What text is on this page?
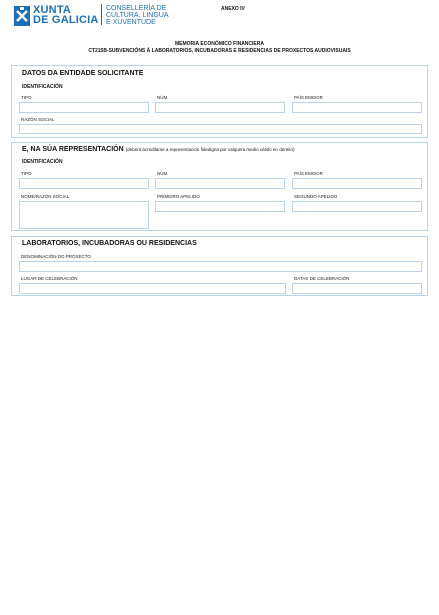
XUNTA
DE GALICIA
CONSELLERÍA DE
CULTURA, LINGUA
E XUVENTUDE
ANEXO IV
MEMORIA ECONÓMICO FINANCIERA
CT215B-SUBVENCIÓNS Á LABORATORIOS, INCUBADORAS E RESIDENCIAS DE PROXECTOS AUDIOVISUAIS
DATOS DA ENTIDADE SOLICITANTE
IDENTIFICACIÓN
TIPO	NÚM.	PAÍS EMISOR
RAZÓN SOCIAL
E, NA SÚA REPRESENTACIÓN (deberá acreditarse a representación fidedigna por calquera medio válido en dereito)
IDENTIFICACIÓN
TIPO	NÚM.	PAÍS EMISOR
NOME/RAZÓN SOCIAL	PRIMEIRO APELIDO	SEGUNDO APELIDO
LABORATORIOS, INCUBADORAS OU RESIDENCIAS
DENOMINACIÓN DO PROXECTO
LUGAR DE CELEBRACIÓN	DATAS DE CELEBRACIÓN
